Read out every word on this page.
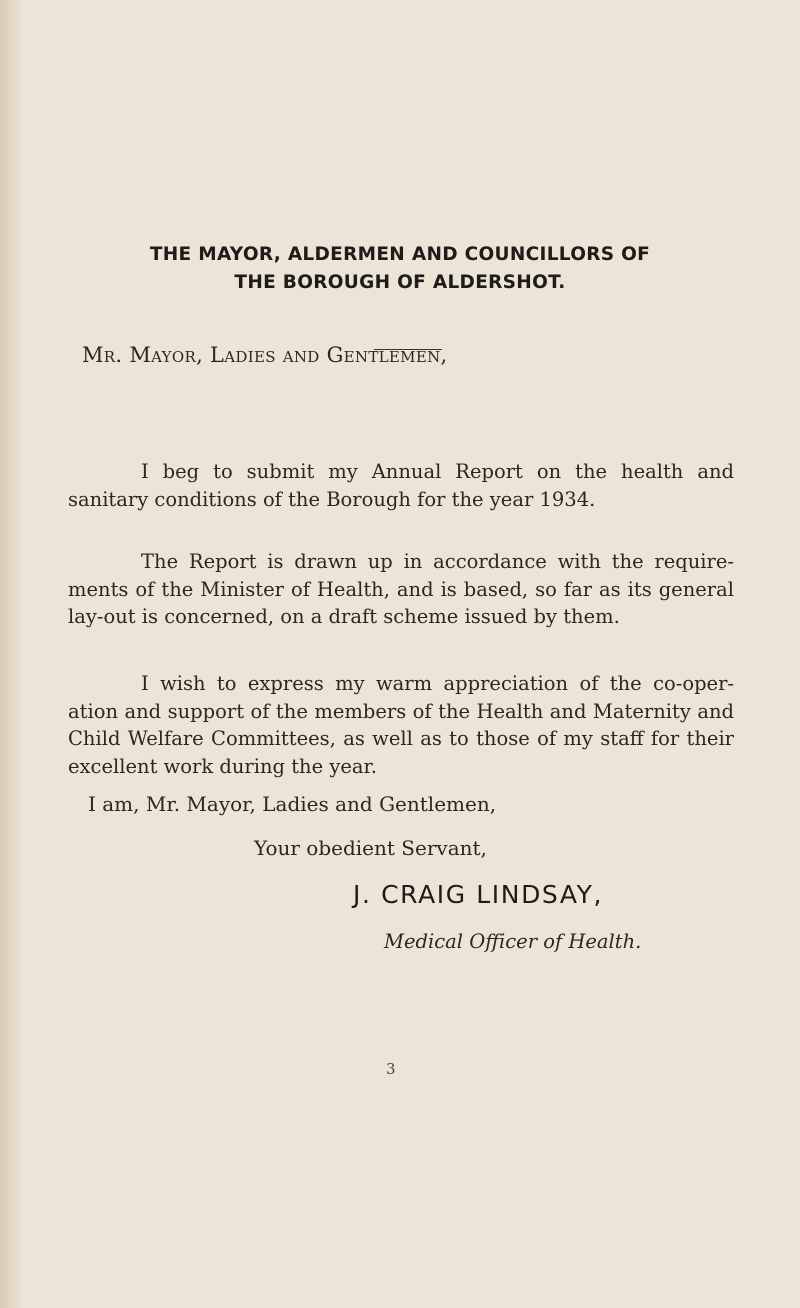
THE MAYOR, ALDERMEN AND COUNCILLORS OF
THE BOROUGH OF ALDERSHOT.
Mr. Mayor, Ladies and Gentlemen,

I beg to submit my Annual Report on the health and sanitary conditions of the Borough for the year 1934.

The Report is drawn up in accordance with the require-ments of the Minister of Health, and is based, so far as its general lay-out is concerned, on a draft scheme issued by them.

I wish to express my warm appreciation of the co-oper-ation and support of the members of the Health and Maternity and Child Welfare Committees, as well as to those of my staff for their excellent work during the year.

I am, Mr. Mayor, Ladies and Gentlemen,
Your obedient Servant,
J. CRAIG LINDSAY,
Medical Officer of Health.
3
